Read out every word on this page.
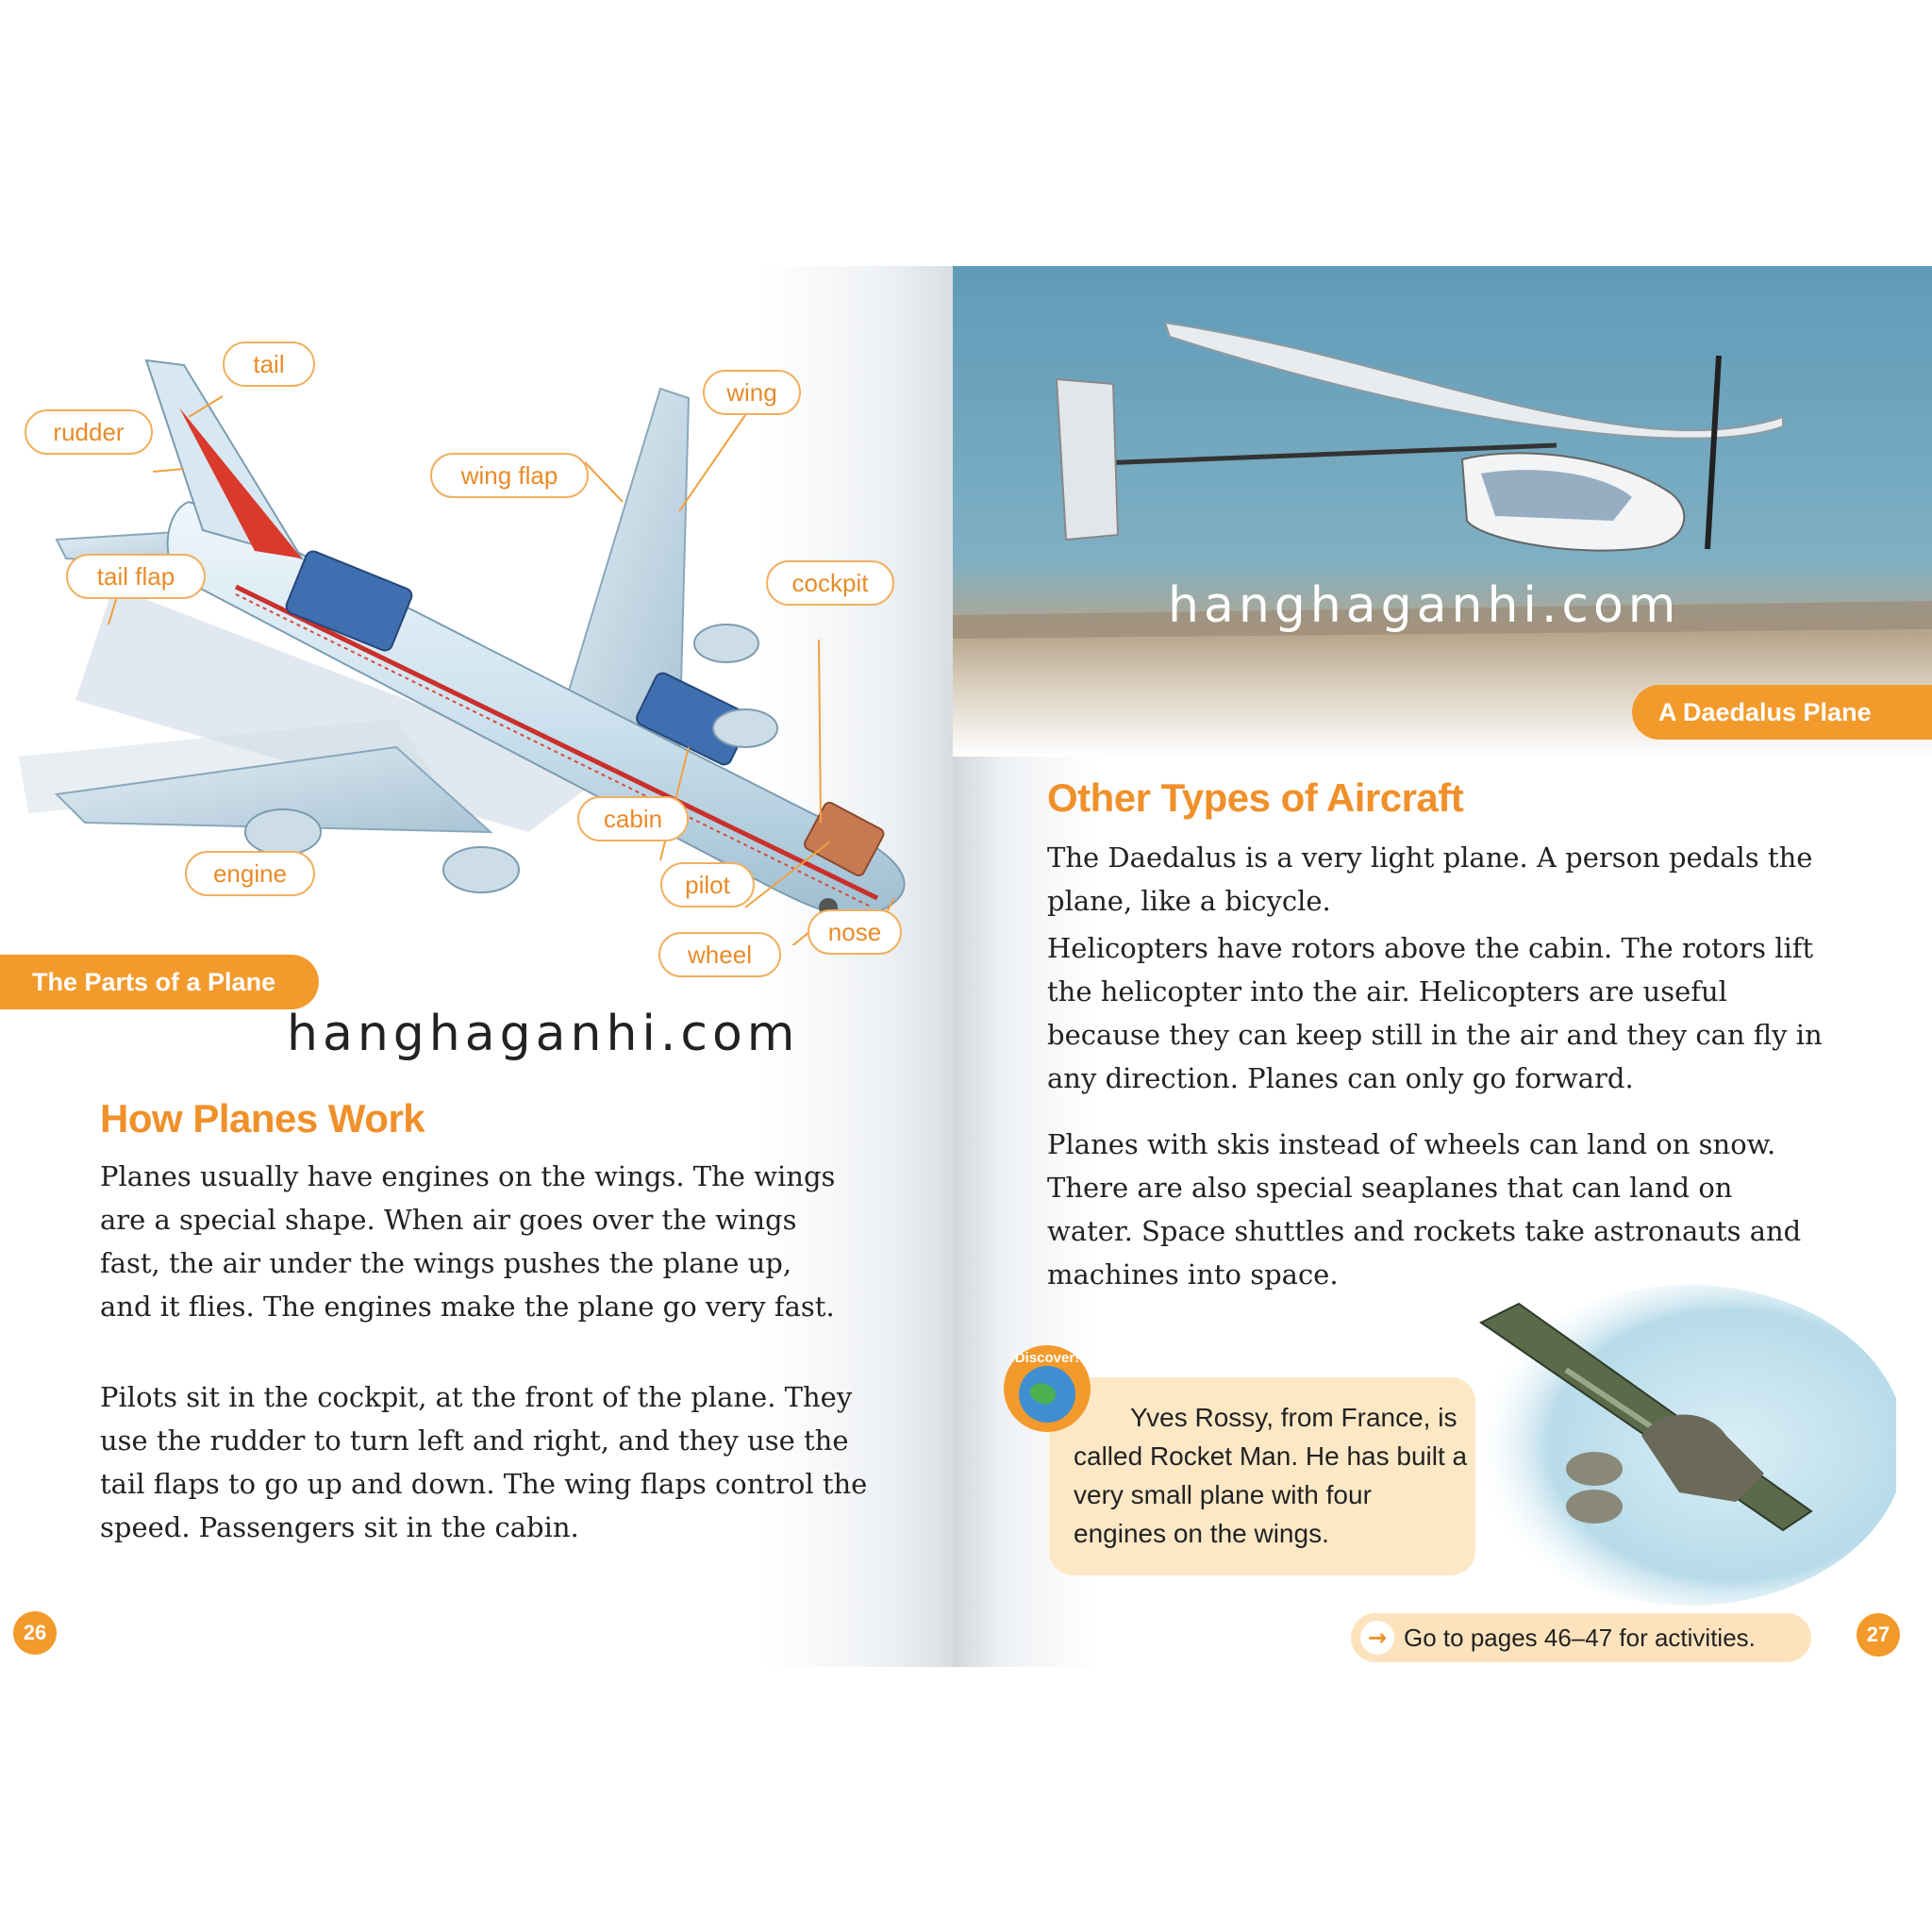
tail
rudder
wing flap
wing
tail flap	cockpit
cabin
engine	pilot
nose
wheel
The Parts of a Plane
hanghaganhi.com
How Planes Work

Planes usually have engines on the wings. The wings are a special shape. When air goes over the wings fast, the air under the wings pushes the plane up, and it flies. The engines make the plane go very fast.

Pilots sit in the cockpit, at the front of the plane. They use the rudder to turn left and right, and they use the tail flaps to go up and down. The wing flaps control the speed. Passengers sit in the cabin.

26
A Daedalus Plane
hanghaganhi.com
Other Types of Aircraft

The Daedalus is a very light plane. A person pedals the plane, like a bicycle.

Helicopters have rotors above the cabin. The rotors lift the helicopter into the air. Helicopters are useful because they can keep still in the air and they can fly in any direction. Planes can only go forward.

Planes with skis instead of wheels can land on snow. There are also special seaplanes that can land on water. Space shuttles and rockets take astronauts and machines into space.

Discover!

Yves Rossy, from France, is called Rocket Man. He has built a very small plane with four engines on the wings.

→ Go to pages 46–47 for activities.	27
